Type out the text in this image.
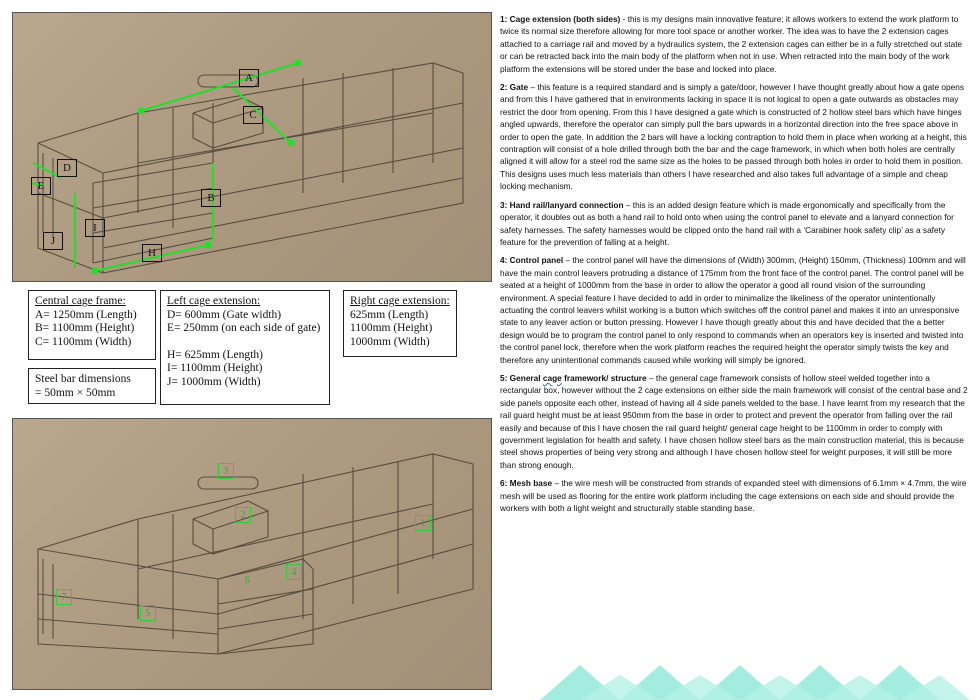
A
C
D
E
B
I
J
H
Central cage frame:
A= 1250mm (Length)
B= 1100mm (Height)
C= 1100mm (Width)
Left cage extension:
D= 600mm (Gate width)
E= 250mm (on each side of gate)
H= 625mm (Length)
I= 1100mm (Height)
J= 1000mm (Width)
Right cage extension:
625mm (Length)
1100mm (Height)
1000mm (Width)
Steel bar dimensions
= 50mm × 50mm
1
2
3
4
5
6
7

1: Cage extension (both sides) - this is my designs main innovative feature; it allows workers to extend the work platform to twice its normal size therefore allowing for more tool space or another worker. The idea was to have the 2 extension cages attached to a carriage rail and moved by a hydraulics system, the 2 extension cages can either be in a fully stretched out state or can be retracted back into the main body of the platform when not in use. When retracted into the main body of the work platform the extensions will be stored under the base and locked into place.

2: Gate – this feature is a required standard and is simply a gate/door, however I have thought greatly about how a gate opens and from this I have gathered that in environments lacking in space it is not logical to open a gate outwards as obstacles may restrict the door from opening. From this I have designed a gate which is constructed of 2 hollow steel bars which have hinges angled upwards, therefore the operator can simply pull the bars upwards in a horizontal direction into the free space above in order to open the gate. In addition the 2 bars will have a locking contraption to hold them in place when working at a height, this contraption will consist of a hole drilled through both the bar and the cage framework, in which when both holes are centrally aligned it will allow for a steel rod the same size as the holes to be passed through both holes in order to hold them in position. This designs uses much less materials than others I have researched and also takes full advantage of a simple and cheap locking mechanism.

3: Hand rail/lanyard connection – this is an added design feature which is made ergonomically and specifically from the operator, it doubles out as both a hand rail to hold onto when using the control panel to elevate and a lanyard connection for safety harnesses. The safety harnesses would be clipped onto the hand rail with a ‘Carabiner hook safety clip’ as a safety feature for the prevention of falling at a height.

4: Control panel – the control panel will have the dimensions of (Width) 300mm, (Height) 150mm, (Thickness) 100mm and will have the main control leavers protruding a distance of 175mm from the front face of the control panel. The control panel will be seated at a height of 1000mm from the base in order to allow the operator a good all round vision of the surrounding environment. A special feature I have decided to add in order to minimalize the likeliness of the operator unintentionally actuating the control leavers whilst working is a button which switches off the control panel and makes it into an unresponsive state to any leaver action or button pressing. However I have though greatly about this and have decided that the a better design would be to program the control panel to only respond to commands when an operators key is inserted and twisted into the control panel lock, therefore when the work platform reaches the required height the operator simply twists the key and therefore any unintentional commands caused while working will simply be ignored.

5: General cage framework/ structure – the general cage framework consists of hollow steel welded together into a rectangular box, however without the 2 cage extensions on either side the main framework will consist of the central base and 2 side panels opposite each other, instead of having all 4 side panels welded to the base. I have learnt from my research that the rail guard height must be at least 950mm from the base in order to protect and prevent the operator from falling over the rail easily and because of this I have chosen the rail guard height/ general cage height to be 1100mm in order to comply with government legislation for health and safety. I have chosen hollow steel bars as the main construction material, this is because steel shows properties of being very strong and although I have chosen hollow steel for weight purposes, it will still be more than strong enough.

6: Mesh base – the wire mesh will be constructed from strands of expanded steel with dimensions of 6.1mm × 4.7mm, the wire mesh will be used as flooring for the entire work platform including the cage extensions on each side and should provide the workers with both a light weight and structurally stable standing base.
